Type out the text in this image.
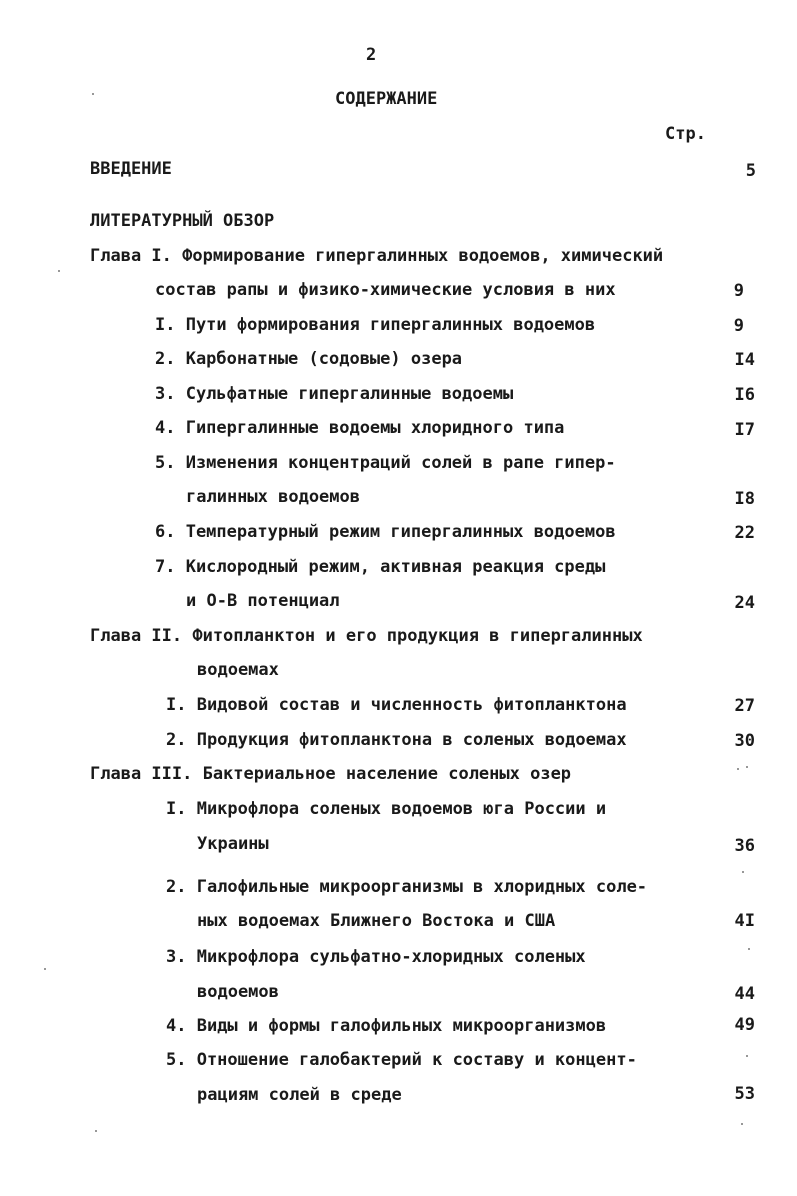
2
СОДЕРЖАНИЕ
Стр.
ВВЕДЕНИЕ	5
ЛИТЕРАТУРНЫЙ ОБЗОР
Глава I. Формирование гипергалинных водоемов, химический
состав рапы и физико-химические условия в них	9
I. Пути формирования гипергалинных водоемов	9
2. Карбонатные (содовые) озера	I4
3. Сульфатные гипергалинные водоемы	I6
4. Гипергалинные водоемы хлоридного типа	I7
5. Изменения концентраций солей в рапе гипер-
галинных водоемов	I8
6. Температурный режим гипергалинных водоемов	22
7. Кислородный режим, активная реакция среды
и О-В потенциал	24
Глава II. Фитопланктон и его продукция в гипергалинных
водоемах
I. Видовой состав и численность фитопланктона	27
2. Продукция фитопланктона в соленых водоемах	30
Глава III. Бактериальное население соленых озер
I. Микрофлора соленых водоемов юга России и
Украины	36
2. Галофильные микроорганизмы в хлоридных соле-
ных водоемах Ближнего Востока и США	4I
3. Микрофлора сульфатно-хлоридных соленых
водоемов	44
4. Виды и формы галофильных микроорганизмов	49
5. Отношение галобактерий к составу и концент-
рациям солей в среде	53
